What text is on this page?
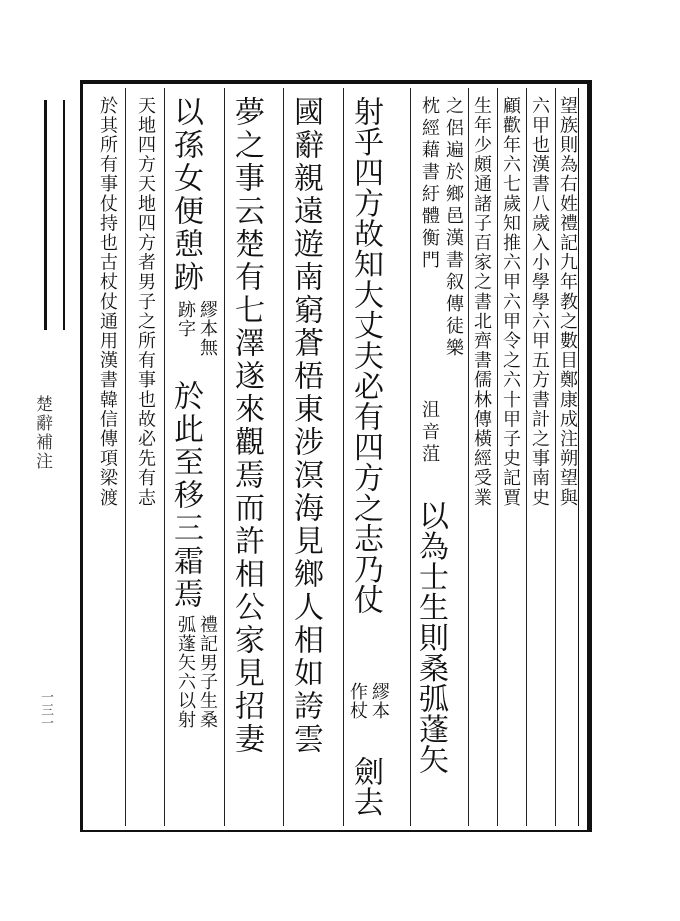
楚辭補注
一三一
望族則為右姓禮記九年教之數目鄭康成注朔望與
六甲也漢書八歲入小學學六甲五方書計之事南史
顧歡年六七歲知推六甲六甲令之六十甲子史記賈
生年少頗通諸子百家之書北齊書儒林傳橫經受業
之侶遍於鄉邑漢書叙傳徒樂
枕經藉書紆體衡門
沮音菹
以為士生則桑弧蓬矢
射乎四方故知大丈夫必有四方之志乃仗
繆本
作杖
劍去
國辭親遠遊南窮蒼梧東涉溟海見鄉人相如誇雲
夢之事云楚有七澤遂來觀焉而許相公家見招妻
以孫女便憩跡
繆本無
跡字
於此至移三霜焉
禮記男子生桑
弧蓬矢六以射
天地四方天地四方者男子之所有事也故必先有志
於其所有事仗持也古杖仗通用漢書韓信傳項梁渡
